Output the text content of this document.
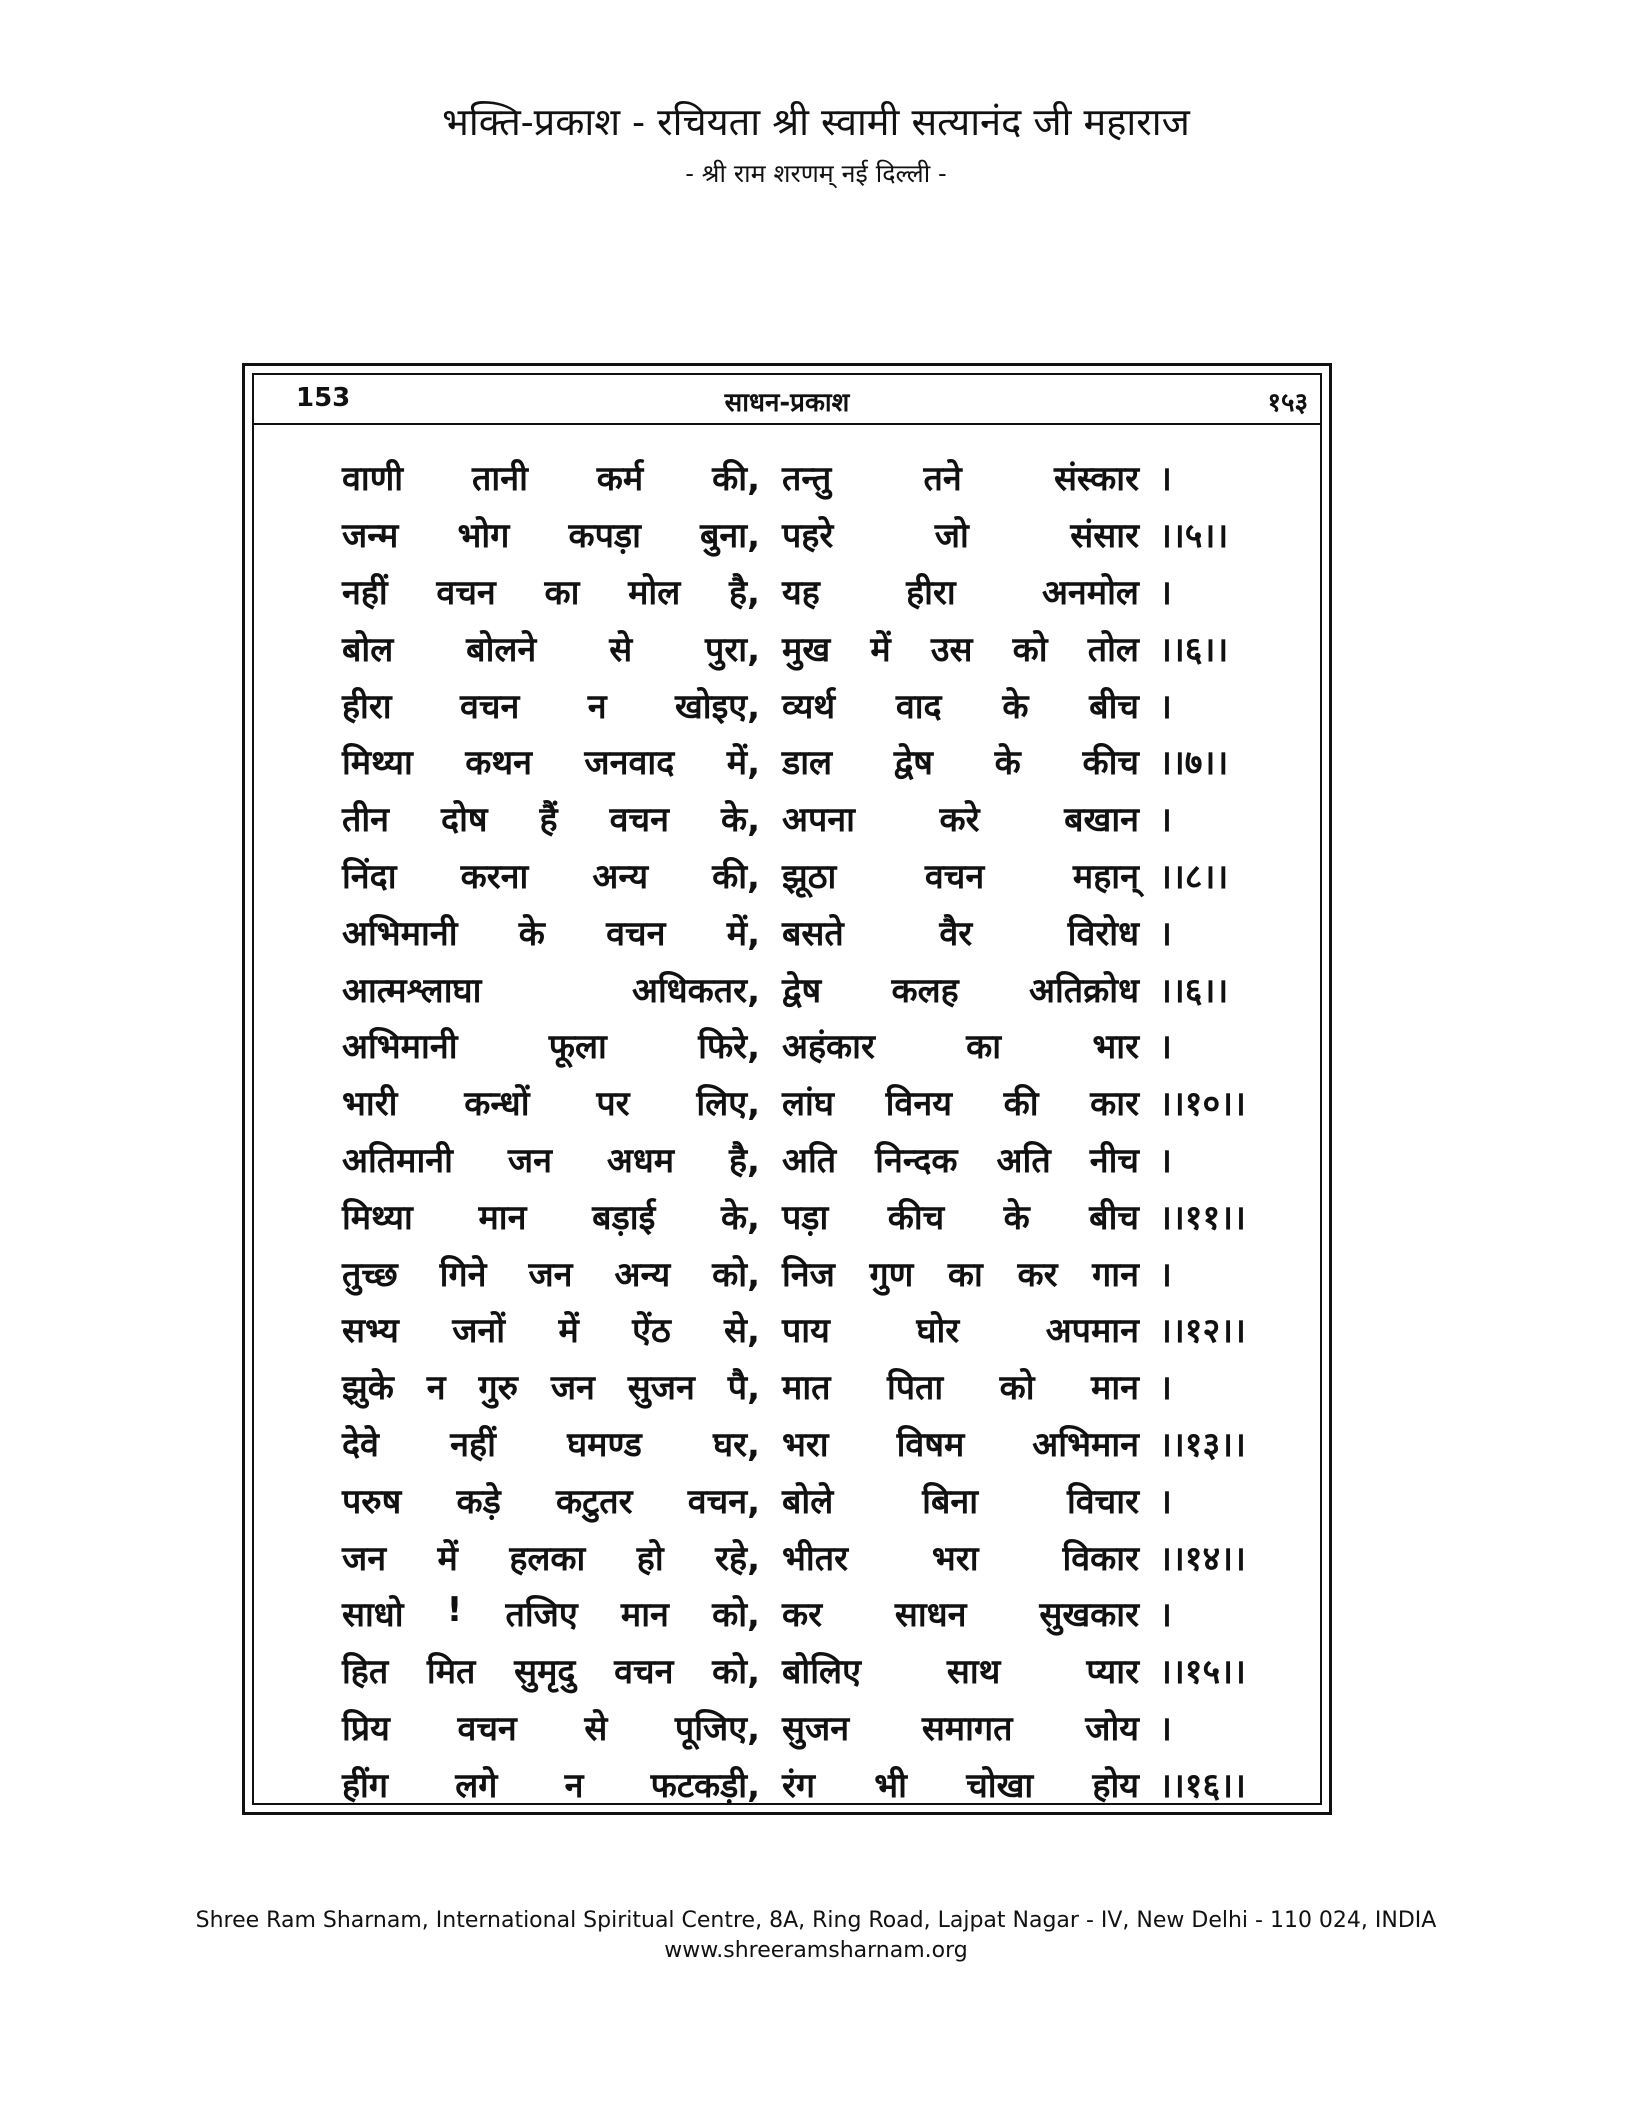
भक्ति-प्रकाश - रचियता श्री स्वामी सत्यानंद जी महाराज
- श्री राम शरणम् नई दिल्ली -
153	साधन-प्रकाश	१५३
वाणी तानी कर्म की, तन्तु	तने	संस्कार ।
जन्म भोग कपड़ा बुना, पहरे	जो	संसार ।।५।।
नहीं वचन का मोल है, यह	हीरा	अनमोल ।
बोल बोलने से पुरा, मुख में उस को तोल ।।६।।
हीरा वचन न खोइए, व्यर्थ वाद के बीच ।
मिथ्या कथन जनवाद में, डाल द्वेष के कीच ।।७।।
तीन दोष हैं वचन के, अपना करे बखान ।
निंदा करना अन्य की, झूठा	वचन	महान् ।।८।।
अभिमानी के वचन में, बसते	वैर	विरोध ।
आत्मश्लाघा	अधिकतर, द्वेष कलह अतिक्रोध ।।६।।
अभिमानी	फूला	फिरे, अहंकार	का	भार ।
भारी कन्धों पर लिए, लांघ विनय की कार ।।१०।।
अतिमानी जन अधम है, अति निन्दक अति नीच ।
मिथ्या मान बड़ाई के, पड़ा कीच के बीच ।।११।।
तुच्छ गिने जन अन्य को, निज गुण का कर गान ।
सभ्य जनों में ऐंठ से, पाय	घोर	अपमान ।।१२।।
झुके न गुरु जन सुजन पै, मात पिता को मान ।
देवे नहीं घमण्ड घर, भरा विषम अभिमान ।।१३।।
परुष कड़े कटुतर वचन, बोले	बिना	विचार ।
जन में हलका हो रहे, भीतर भरा विकार ।।१४।।
साधो ! तजिए मान को, कर साधन सुखकार ।
हित मित सुमृदु वचन को, बोलिए	साथ	प्यार ।।१५।।
प्रिय वचन से पूजिए, सुजन समागत जोय ।
हींग लगे न फटकड़ी, रंग भी चोखा होय ।।१६।।
Shree Ram Sharnam, International Spiritual Centre, 8A, Ring Road, Lajpat Nagar - IV, New Delhi - 110 024, INDIA
www.shreeramsharnam.org
